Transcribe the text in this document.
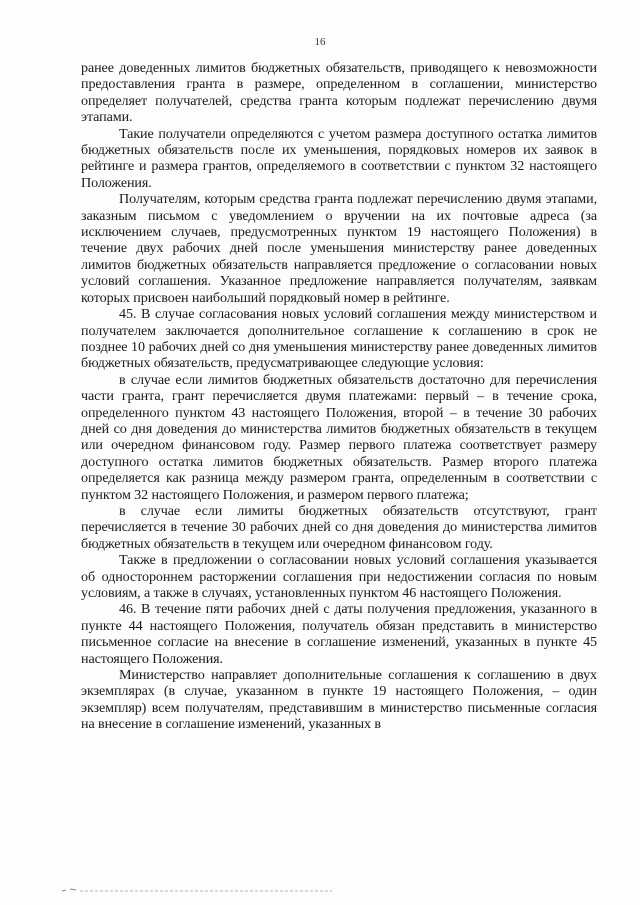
16

ранее доведенных лимитов бюджетных обязательств, приводящего к невозможности предоставления гранта в размере, определенном в соглашении, министерство определяет получателей, средства гранта которым подлежат перечислению двумя этапами.

Такие получатели определяются с учетом размера доступного остатка лимитов бюджетных обязательств после их уменьшения, порядковых номеров их заявок в рейтинге и размера грантов, определяемого в соответствии с пунктом 32 настоящего Положения.

Получателям, которым средства гранта подлежат перечислению двумя этапами, заказным письмом с уведомлением о вручении на их почтовые адреса (за исключением случаев, предусмотренных пунктом 19 настоящего Положения) в течение двух рабочих дней после уменьшения министерству ранее доведенных лимитов бюджетных обязательств направляется предложение о согласовании новых условий соглашения. Указанное предложение направляется получателям, заявкам которых присвоен наибольший порядковый номер в рейтинге.

45. В случае согласования новых условий соглашения между министерством и получателем заключается дополнительное соглашение к соглашению в срок не позднее 10 рабочих дней со дня уменьшения министерству ранее доведенных лимитов бюджетных обязательств, предусматривающее следующие условия:

в случае если лимитов бюджетных обязательств достаточно для перечисления части гранта, грант перечисляется двумя платежами: первый – в течение срока, определенного пунктом 43 настоящего Положения, второй – в течение 30 рабочих дней со дня доведения до министерства лимитов бюджетных обязательств в текущем или очередном финансовом году. Размер первого платежа соответствует размеру доступного остатка лимитов бюджетных обязательств. Размер второго платежа определяется как разница между размером гранта, определенным в соответствии с пунктом 32 настоящего Положения, и размером первого платежа;

в случае если лимиты бюджетных обязательств отсутствуют, грант перечисляется в течение 30 рабочих дней со дня доведения до министерства лимитов бюджетных обязательств в текущем или очередном финансовом году.

Также в предложении о согласовании новых условий соглашения указывается об одностороннем расторжении соглашения при недостижении согласия по новым условиям, а также в случаях, установленных пунктом 46 настоящего Положения.

46. В течение пяти рабочих дней с даты получения предложения, указанного в пункте 44 настоящего Положения, получатель обязан представить в министерство письменное согласие на внесение в соглашение изменений, указанных в пункте 45 настоящего Положения.

Министерство направляет дополнительные соглашения к соглашению в двух экземплярах (в случае, указанном в пункте 19 настоящего Положения, – один экземпляр) всем получателям, представившим в министерство письменные согласия на внесение в соглашение изменений, указанных в
